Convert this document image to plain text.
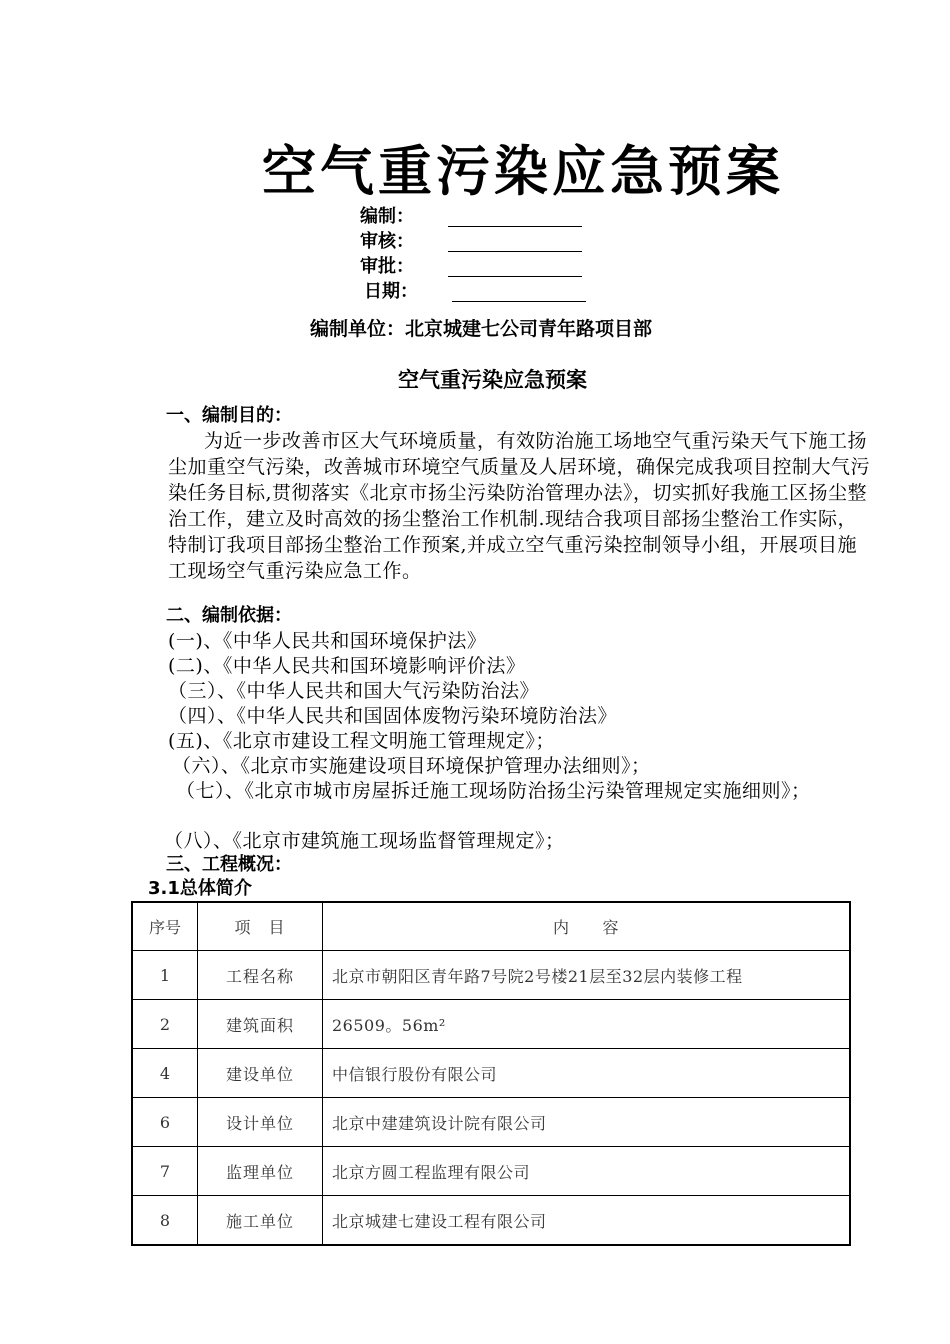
空气重污染应急预案
编制：
审核：
审批：
日期：
编制单位：北京城建七公司青年路项目部
空气重污染应急预案
一、编制目的：
为近一步改善市区大气环境质量，有效防治施工场地空气重污染天气下施工扬尘加重空气污染，改善城市环境空气质量及人居环境，确保完成我项目控制大气污染任务目标,贯彻落实《北京市扬尘污染防治管理办法》，切实抓好我施工区扬尘整治工作，建立及时高效的扬尘整治工作机制.现结合我项目部扬尘整治工作实际，特制订我项目部扬尘整治工作预案,并成立空气重污染控制领导小组，开展项目施工现场空气重污染应急工作。
二、编制依据：
(一)、《中华人民共和国环境保护法》
(二)、《中华人民共和国环境影响评价法》
（三）、《中华人民共和国大气污染防治法》
（四）、《中华人民共和国固体废物污染环境防治法》
(五)、《北京市建设工程文明施工管理规定》；
（六）、《北京市实施建设项目环境保护管理办法细则》；
（七）、《北京市城市房屋拆迁施工现场防治扬尘污染管理规定实施细则》；
（八）、《北京市建筑施工现场监督管理规定》；
三、工程概况：
3.1总体简介
序号	项　目	内　　容
1	工程名称	北京市朝阳区青年路7号院2号楼21层至32层内装修工程
2	建筑面积	26509。56m²
4	建设单位	中信银行股份有限公司
6	设计单位	北京中建建筑设计院有限公司
7	监理单位	北京方圆工程监理有限公司
8	施工单位	北京城建七建设工程有限公司
